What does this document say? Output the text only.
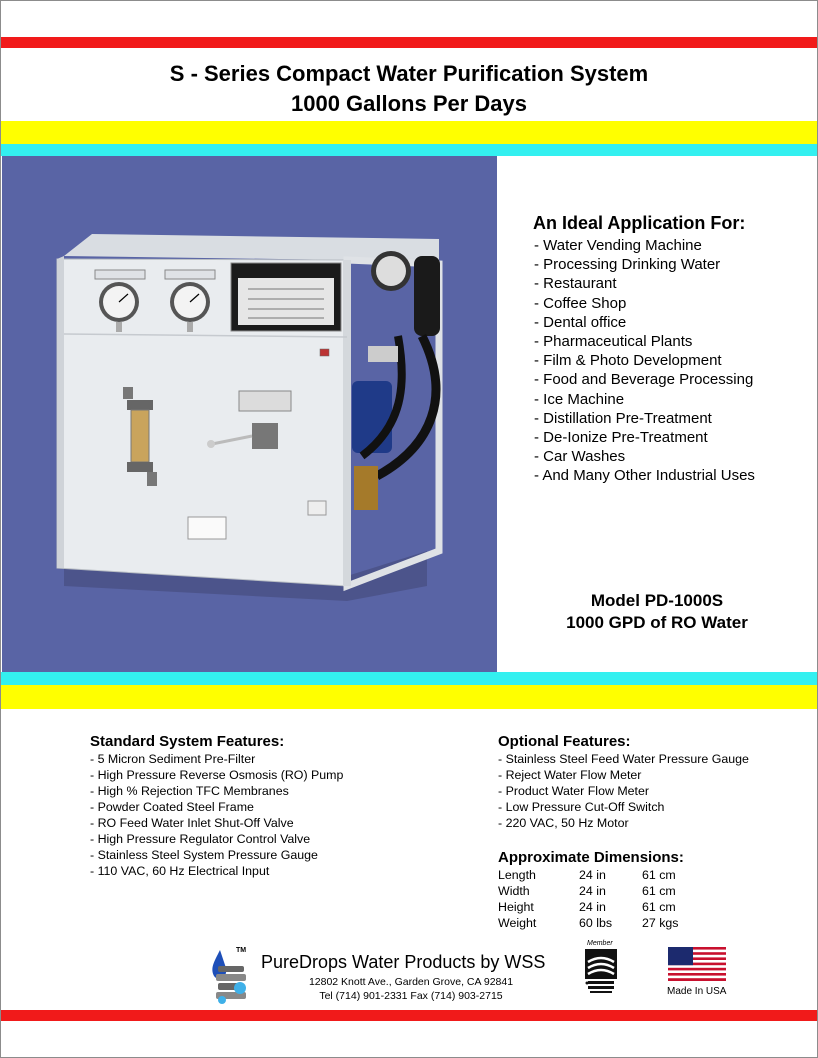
S - Series Compact Water Purification System
1000 Gallons Per Days
An Ideal Application For:
- Water Vending Machine
- Processing Drinking Water
- Restaurant
- Coffee Shop
- Dental office
- Pharmaceutical Plants
- Film & Photo Development
- Food and Beverage Processing
- Ice Machine
- Distillation Pre-Treatment
- De-Ionize Pre-Treatment
- Car Washes
- And Many Other Industrial Uses
Model PD-1000S
1000 GPD of RO Water
Standard System Features:
- 5 Micron Sediment Pre-Filter
- High Pressure Reverse Osmosis (RO) Pump
- High % Rejection TFC Membranes
- Powder Coated Steel Frame
- RO Feed Water Inlet Shut-Off Valve
- High Pressure Regulator Control Valve
- Stainless Steel System Pressure Gauge
- 110 VAC, 60 Hz Electrical Input
Optional Features:
- Stainless Steel Feed Water Pressure Gauge
- Reject Water Flow Meter
- Product Water Flow Meter
- Low Pressure Cut-Off Switch
- 220 VAC, 50 Hz Motor
Approximate Dimensions:
Length	24 in	61 cm
Width	24 in	61 cm
Height	24 in	61 cm
Weight	60 lbs	27 kgs
TM
PureDrops Water Products by WSS
12802 Knott Ave., Garden Grove, CA 92841
Tel (714) 901-2331 Fax (714) 903-2715
Member
Made In USA
